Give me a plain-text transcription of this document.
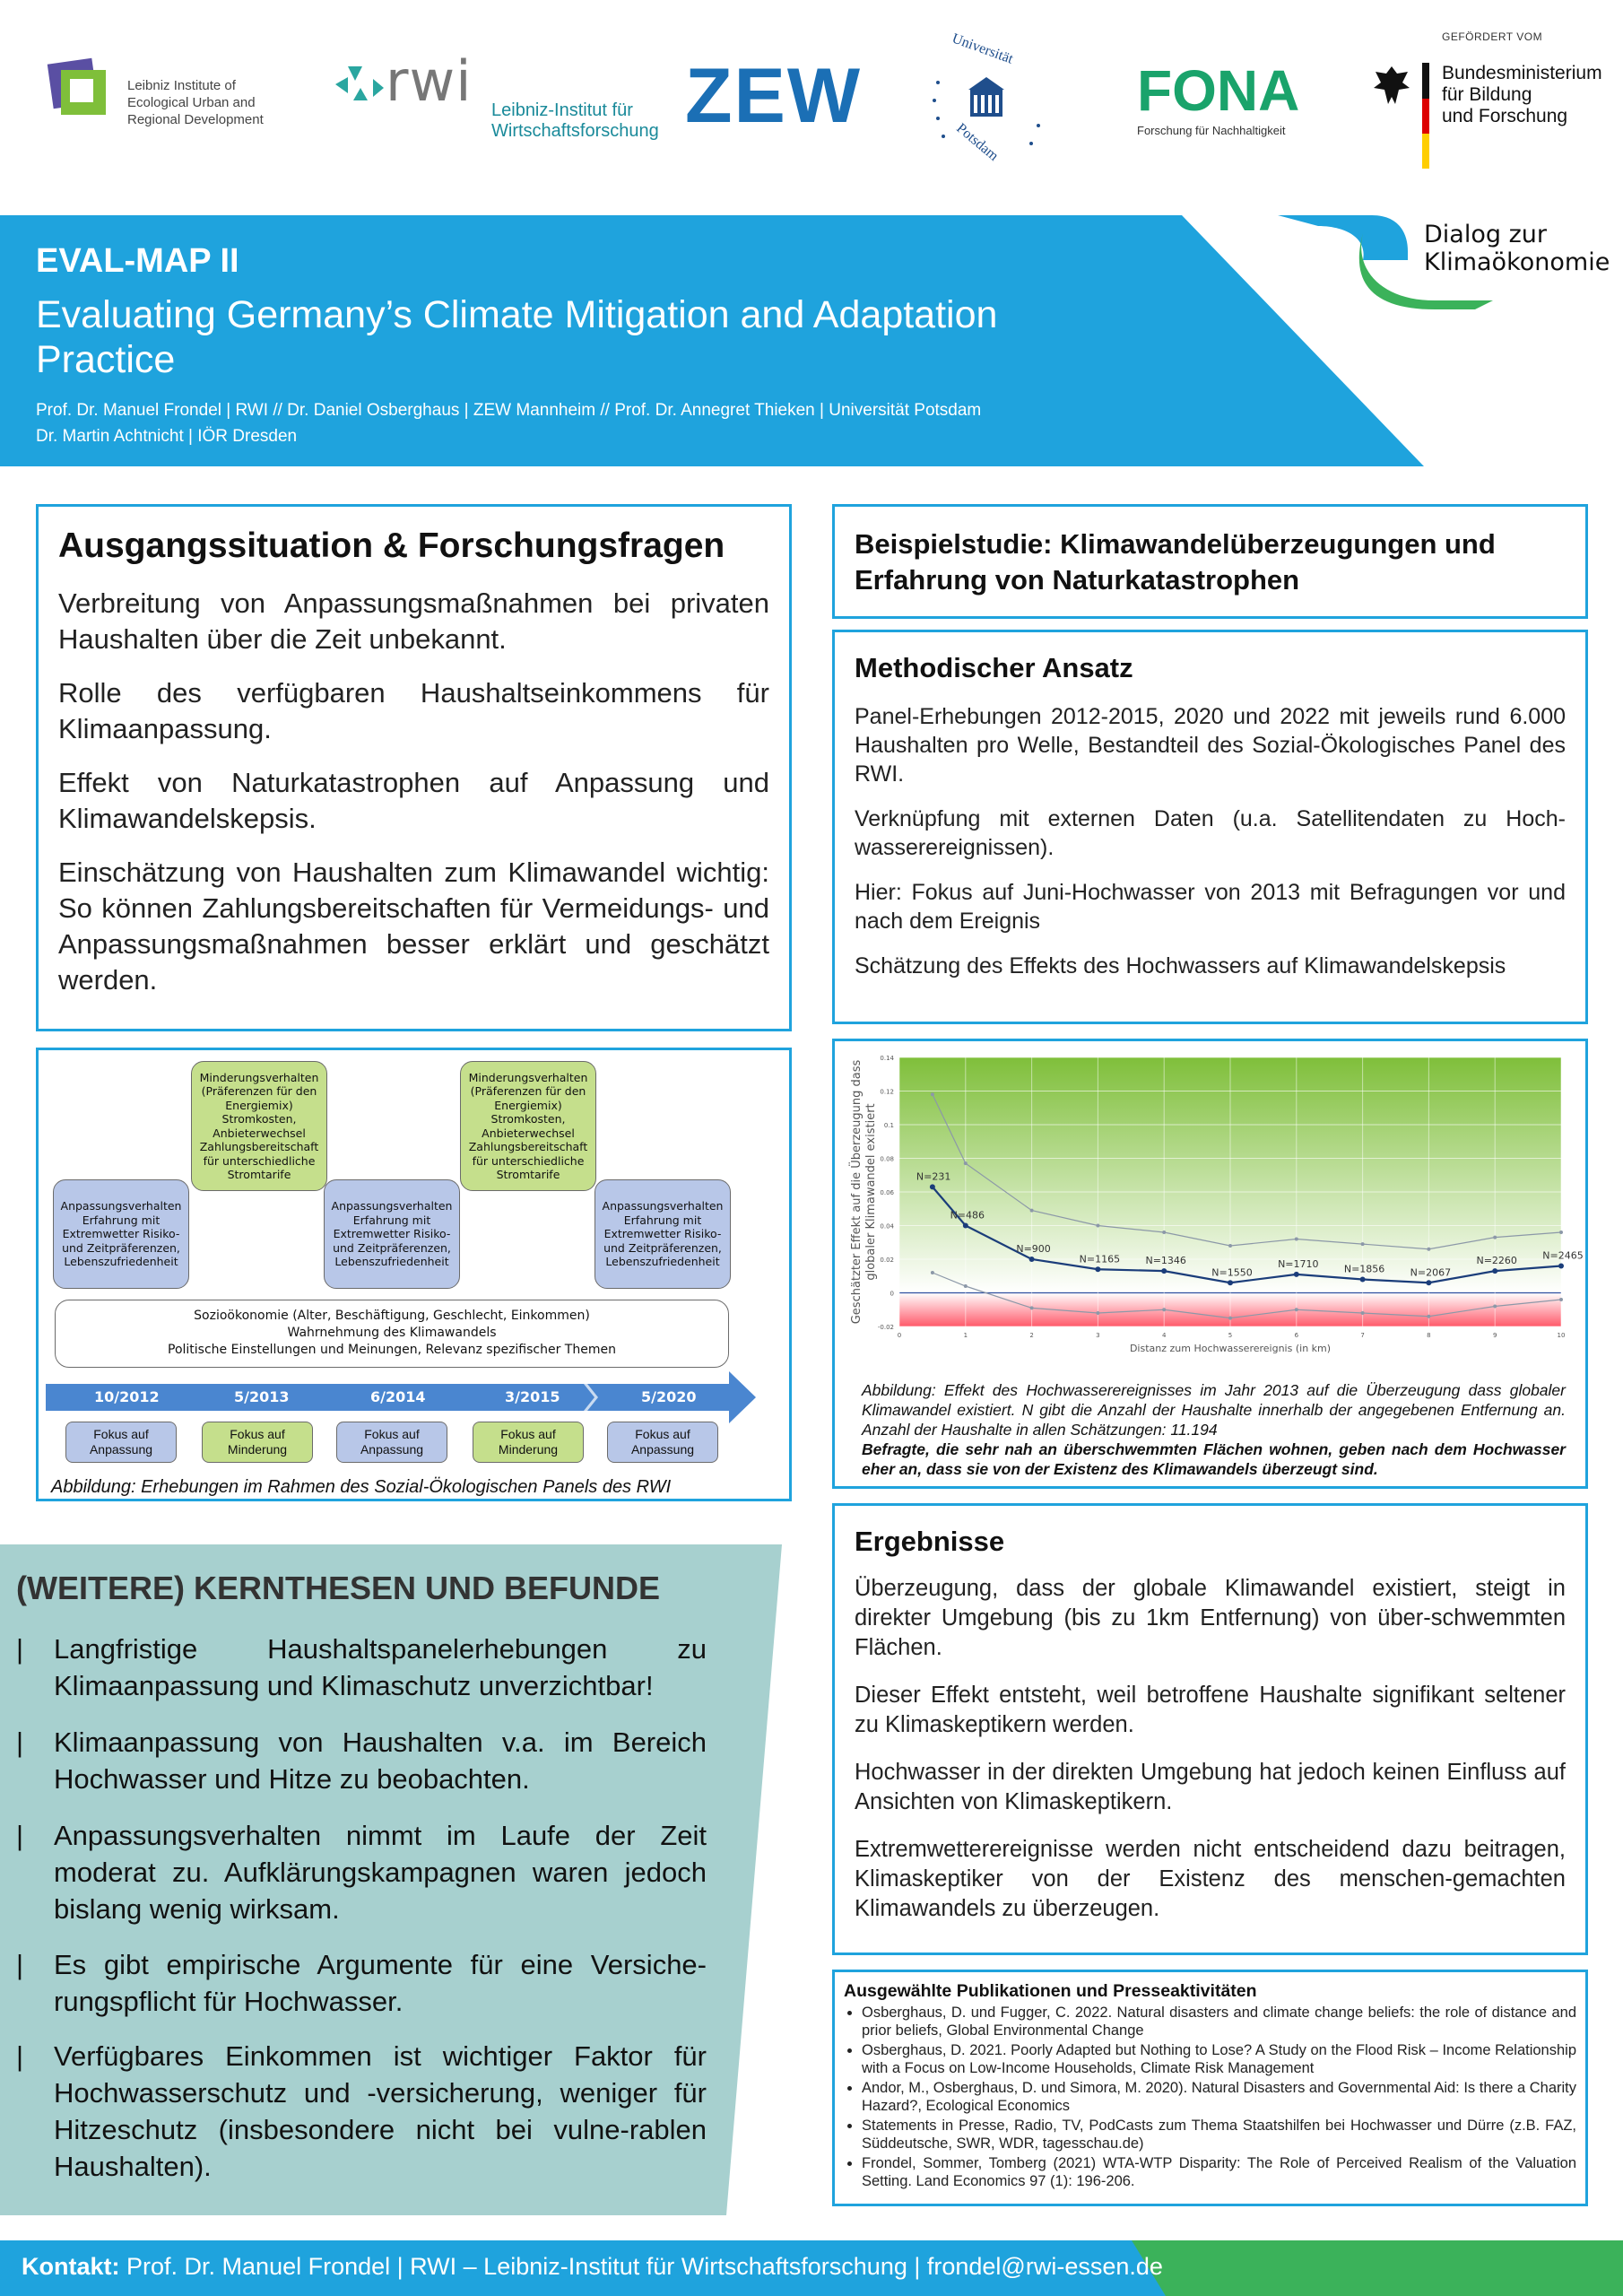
Leibniz Institute of
Ecological Urban and
Regional Development
rwi Leibniz-Institut für
Wirtschaftsforschung ZEW
Universität
Potsdam
FONA
Forschung für Nachhaltigkeit
GEFÖRDERT VOM
Bundesministerium
für Bildung
und Forschung
Dialog zur
Klimaökonomie
EVAL-MAP II
Evaluating Germany’s Climate Mitigation and Adaptation
Practice
Prof. Dr. Manuel Frondel | RWI // Dr. Daniel Osberghaus | ZEW Mannheim // Prof. Dr. Annegret Thieken | Universität Potsdam
Dr. Martin Achtnicht | IÖR Dresden
Ausgangssituation & Forschungsfragen

Verbreitung von Anpassungsmaßnahmen bei privaten Haushalten über die Zeit unbekannt.

Rolle des verfügbaren Haushaltseinkommens für Klimaanpassung.

Effekt von Naturkatastrophen auf Anpassung und Klimawandelskepsis.

Einschätzung von Haushalten zum Klimawandel wichtig: So können Zahlungsbereitschaften für Vermeidungs- und Anpassungsmaßnahmen besser erklärt und geschätzt werden.

Minderungsverhalten (Präferenzen für den Energiemix) Stromkosten, Anbieterwechsel Zahlungsbereitschaft für unterschiedliche Stromtarife
Minderungsverhalten (Präferenzen für den Energiemix) Stromkosten, Anbieterwechsel Zahlungsbereitschaft für unterschiedliche Stromtarife
Anpassungsverhalten Erfahrung mit Extremwetter Risiko- und Zeitpräferenzen, Lebenszufriedenheit
Anpassungsverhalten Erfahrung mit Extremwetter Risiko- und Zeitpräferenzen, Lebenszufriedenheit
Anpassungsverhalten Erfahrung mit Extremwetter Risiko- und Zeitpräferenzen, Lebenszufriedenheit
Sozioökonomie (Alter, Beschäftigung, Geschlecht, Einkommen)
Wahrnehmung des Klimawandels
Politische Einstellungen und Meinungen, Relevanz spezifischer Themen
10/2012	5/2013	6/2014	3/2015	5/2020
Fokus auf Anpassung
Fokus auf Minderung
Fokus auf Anpassung
Fokus auf Minderung
Fokus auf Anpassung
Abbildung: Erhebungen im Rahmen des Sozial-Ökologischen Panels des RWI
(WEITERE) KERNTHESEN UND BEFUNDE
| Langfristige Haushaltspanelerhebungen zu Klimaanpassung und Klimaschutz unverzichtbar!
| Klimaanpassung von Haushalten v.a. im Bereich Hochwasser und Hitze zu beobachten.
| Anpassungsverhalten nimmt im Laufe der Zeit moderat zu. Aufklärungskampagnen waren jedoch bislang wenig wirksam.
| Es gibt empirische Argumente für eine Versiche-rungspflicht für Hochwasser.
| Verfügbares Einkommen ist wichtiger Faktor für Hochwasserschutz und -versicherung, weniger für Hitzeschutz (insbesondere nicht bei vulne-rablen Haushalten).
Beispielstudie: Klimawandelüberzeugungen und Erfahrung von Naturkatastrophen
Methodischer Ansatz

Panel-Erhebungen 2012-2015, 2020 und 2022 mit jeweils rund 6.000 Haushalten pro Welle, Bestandteil des Sozial-Ökologisches Panel des RWI.

Verknüpfung mit externen Daten (u.a. Satellitendaten zu Hoch-wasserereignissen).

Hier: Fokus auf Juni-Hochwasser von 2013 mit Befragungen vor und nach dem Ereignis

Schätzung des Effekts des Hochwassers auf Klimawandelskepsis

-0.02
0
0.02
0.04
0.06
0.08
0.1
0.12
0.14
0	1	2	3	4	5	6	7	8	9	10
N=231
N=486
N=900
N=1165	N=1346
N=1550
N=1710	N=1856	N=2067
N=2260	N=2465
Distanz zum Hochwasserereignis (in km)
Geschätzter Effekt auf die Überzeugung dass globaler Klimawandel existiert
Abbildung: Effekt des Hochwasserereignisses im Jahr 2013 auf die Überzeugung dass globaler Klimawandel existiert. N gibt die Anzahl der Haushalte innerhalb der angegebenen Entfernung an. Anzahl der Haushalte in allen Schätzungen: 11.194
Befragte, die sehr nah an überschwemmten Flächen wohnen, geben nach dem Hochwasser eher an, dass sie von der Existenz des Klimawandels überzeugt sind.
Ergebnisse

Überzeugung, dass der globale Klimawandel existiert, steigt in direkter Umgebung (bis zu 1km Entfernung) von über-schwemmten Flächen.

Dieser Effekt entsteht, weil betroffene Haushalte signifikant seltener zu Klimaskeptikern werden.

Hochwasser in der direkten Umgebung hat jedoch keinen Einfluss auf Ansichten von Klimaskeptikern.

Extremwetterereignisse werden nicht entscheidend dazu beitragen, Klimaskeptiker von der Existenz des menschen-gemachten Klimawandels zu überzeugen.

Ausgewählte Publikationen und Presseaktivitäten
• Osberghaus, D. und Fugger, C. 2022. Natural disasters and climate change beliefs: the role of distance and prior beliefs, Global Environmental Change
• Osberghaus, D. 2021. Poorly Adapted but Nothing to Lose? A Study on the Flood Risk – Income Relationship with a Focus on Low-Income Households, Climate Risk Management
• Andor, M., Osberghaus, D. und Simora, M. 2020). Natural Disasters and Governmental Aid: Is there a Charity Hazard?, Ecological Economics
• Statements in Presse, Radio, TV, PodCasts zum Thema Staatshilfen bei Hochwasser und Dürre (z.B. FAZ, Süddeutsche, SWR, WDR, tagesschau.de)
• Frondel, Sommer, Tomberg (2021) WTA-WTP Disparity: The Role of Perceived Realism of the Valuation Setting. Land Economics 97 (1): 196-206.
Kontakt: Prof. Dr. Manuel Frondel | RWI – Leibniz-Institut für Wirtschaftsforschung | frondel@rwi-essen.de
